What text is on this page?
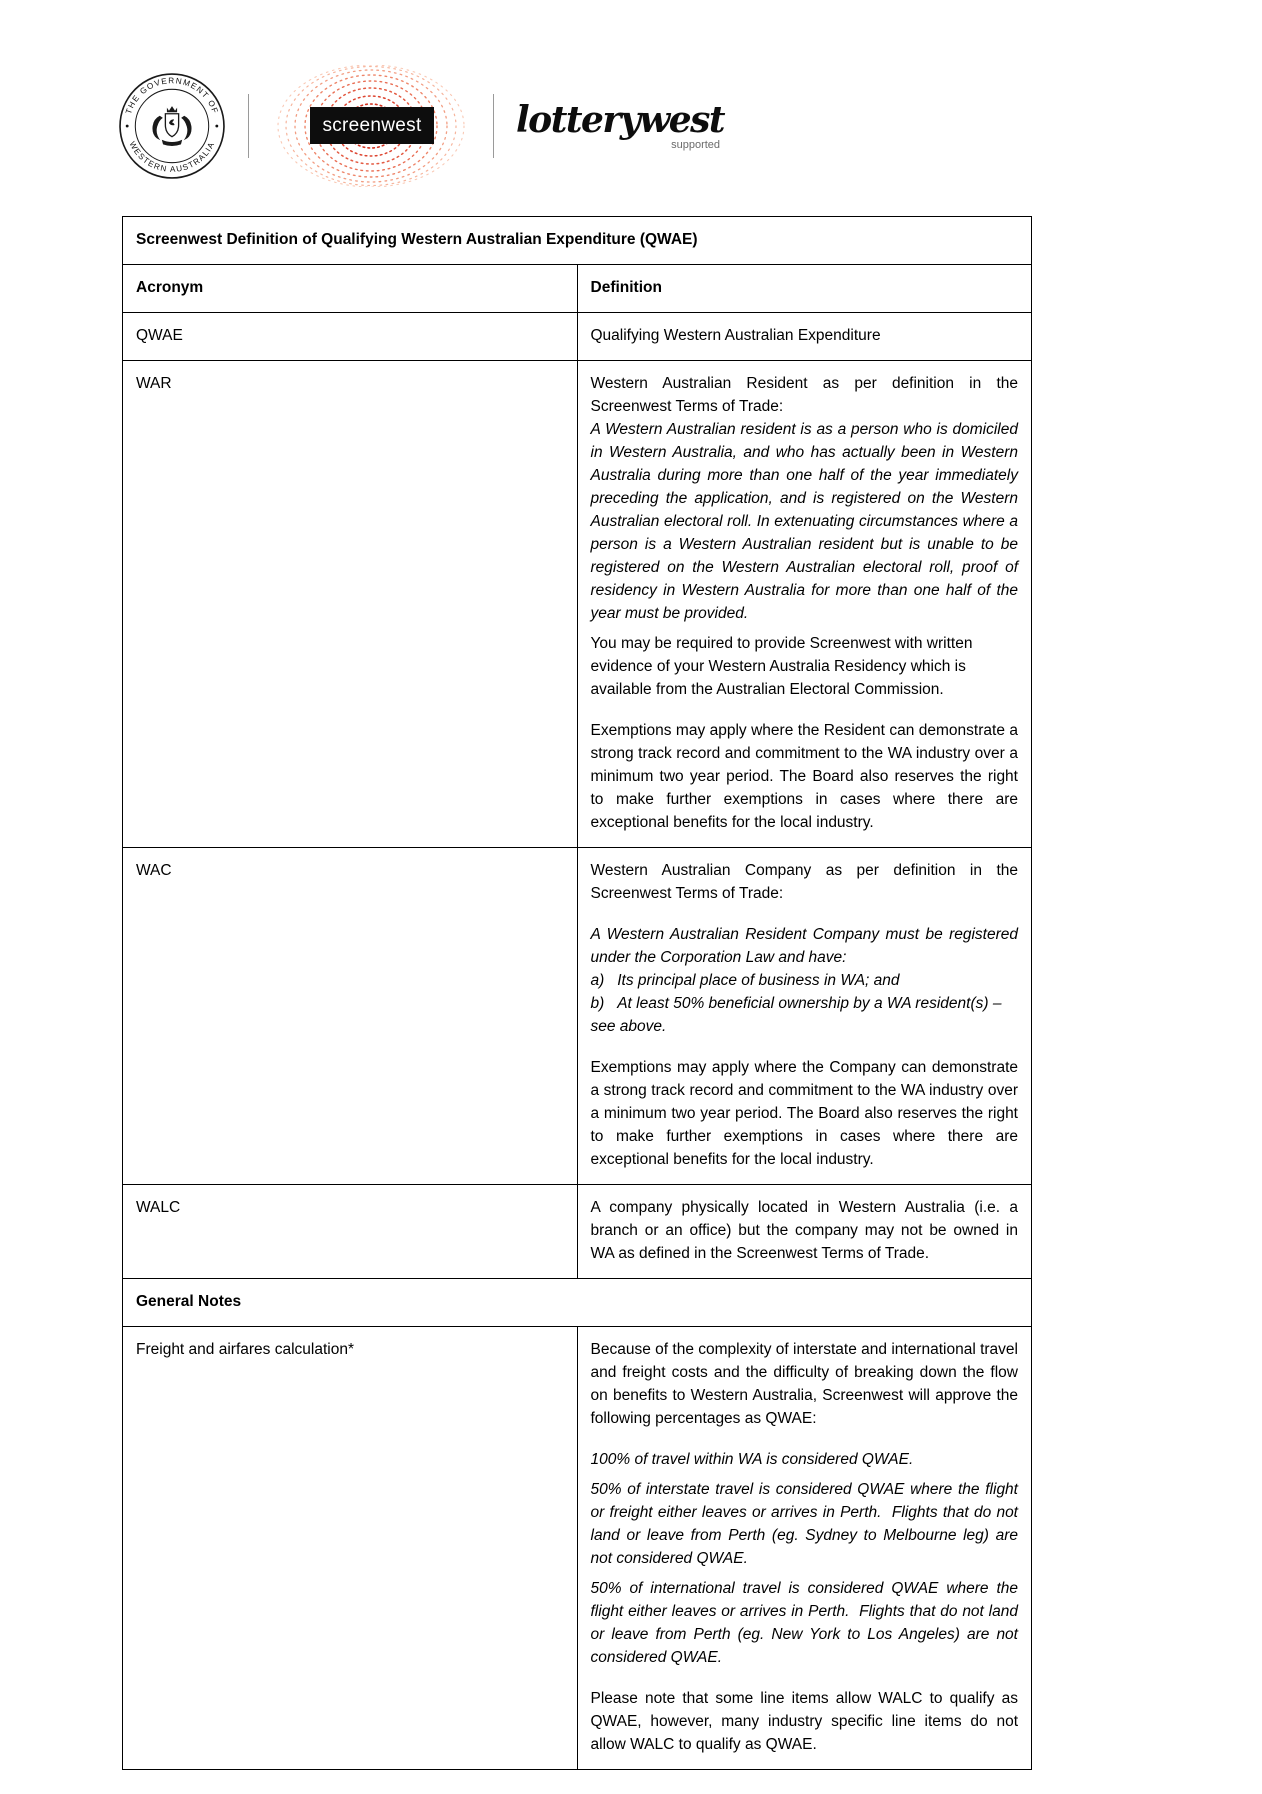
THE GOVERNMENT OF
WESTERN AUSTRALIA
screenwest	lotterywest
supported
Screenwest Definition of Qualifying Western Australian Expenditure (QWAE)	
Acronym	Definition
QWAE	Qualifying Western Australian Expenditure

WAR	Western Australian Resident as per definition in the Screenwest Terms of Trade:

A Western Australian resident is as a person who is domiciled in Western Australia, and who has actually been in Western Australia during more than one half of the year immediately preceding the application, and is registered on the Western Australian electoral roll. In extenuating circumstances where a person is a Western Australian resident but is unable to be registered on the Western Australian electoral roll, proof of residency in Western Australia for more than one half of the year must be provided.

You may be required to provide Screenwest with written evidence of your Western Australia Residency which is available from the Australian Electoral Commission.

Exemptions may apply where the Resident can demonstrate a strong track record and commitment to the WA industry over a minimum two year period. The Board also reserves the right to make further exemptions in cases where there are exceptional benefits for the local industry.

WAC	Western Australian Company as per definition in the Screenwest Terms of Trade:

A Western Australian Resident Company must be registered under the Corporation Law and have:

a)   Its principal place of business in WA; and

b)   At least 50% beneficial ownership by a WA resident(s) – see above.

Exemptions may apply where the Company can demonstrate a strong track record and commitment to the WA industry over a minimum two year period. The Board also reserves the right to make further exemptions in cases where there are exceptional benefits for the local industry.

WALC	A company physically located in Western Australia (i.e. a branch or an office) but the company may not be owned in WA as defined in the Screenwest Terms of Trade.

General Notes	
Freight and airfares calculation*	Because of the complexity of interstate and international travel and freight costs and the difficulty of breaking down the flow on benefits to Western Australia, Screenwest will approve the following percentages as QWAE:

100% of travel within WA is considered QWAE.

50% of interstate travel is considered QWAE where the flight or freight either leaves or arrives in Perth.  Flights that do not land or leave from Perth (eg. Sydney to Melbourne leg) are not considered QWAE.

50% of international travel is considered QWAE where the flight either leaves or arrives in Perth.  Flights that do not land or leave from Perth (eg. New York to Los Angeles) are not considered QWAE.

Please note that some line items allow WALC to qualify as QWAE, however, many industry specific line items do not allow WALC to qualify as QWAE.
